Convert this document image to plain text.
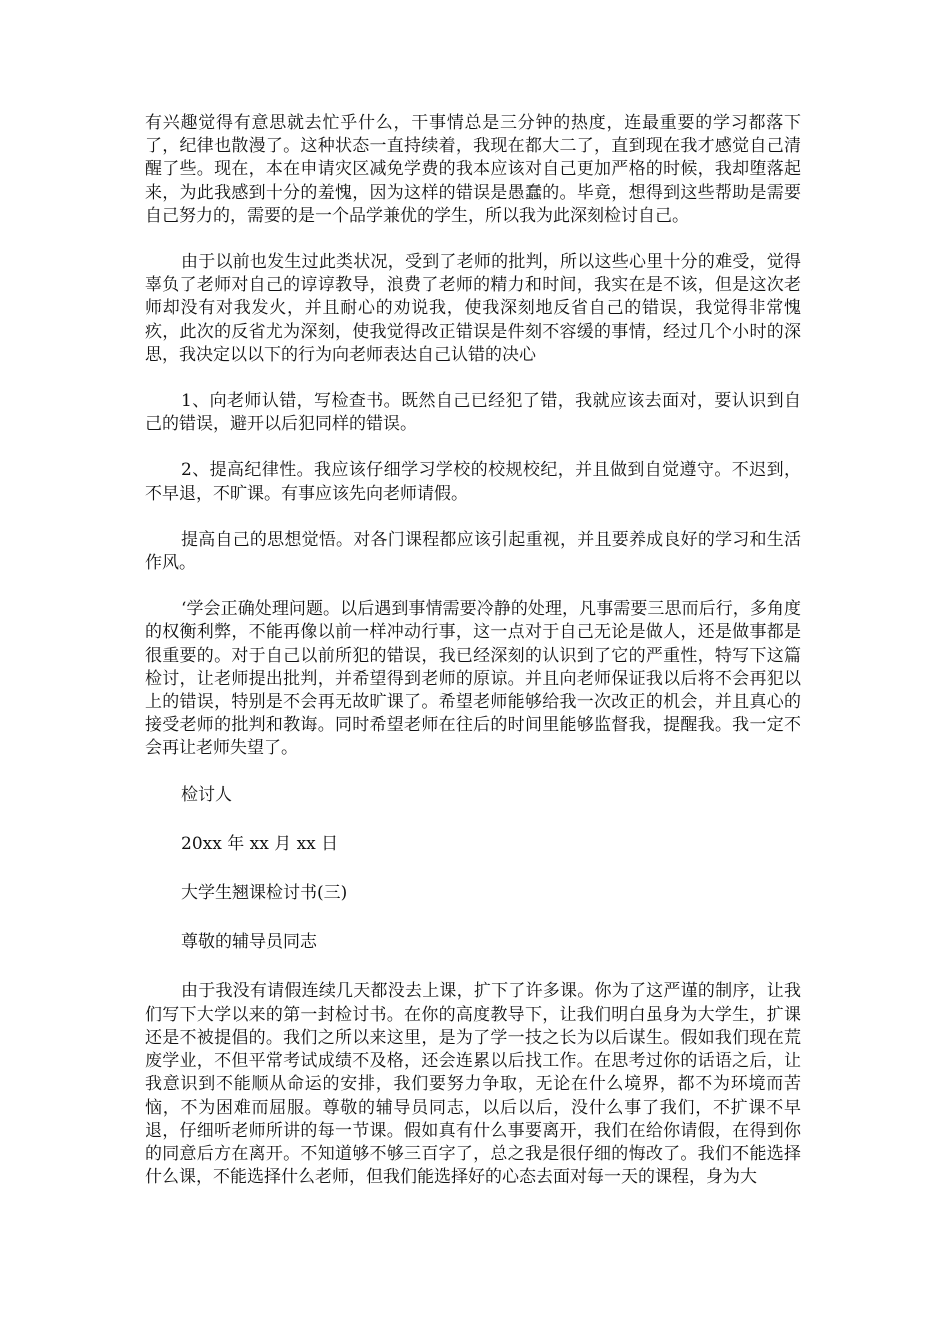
有兴趣觉得有意思就去忙乎什么，干事情总是三分钟的热度，连最重要的学习都落下了，纪律也散漫了。这种状态一直持续着，我现在都大二了，直到现在我才感觉自己清醒了些。现在，本在申请灾区减免学费的我本应该对自己更加严格的时候，我却堕落起来，为此我感到十分的羞愧，因为这样的错误是愚蠢的。毕竟，想得到这些帮助是需要自己努力的，需要的是一个品学兼优的学生，所以我为此深刻检讨自己。

由于以前也发生过此类状况，受到了老师的批判，所以这些心里十分的难受，觉得辜负了老师对自己的谆谆教导，浪费了老师的精力和时间，我实在是不该，但是这次老师却没有对我发火，并且耐心的劝说我，使我深刻地反省自己的错误，我觉得非常愧疚，此次的反省尤为深刻，使我觉得改正错误是件刻不容缓的事情，经过几个小时的深思，我决定以以下的行为向老师表达自己认错的决心

1、向老师认错，写检查书。既然自己已经犯了错，我就应该去面对，要认识到自己的错误，避开以后犯同样的错误。

2、提高纪律性。我应该仔细学习学校的校规校纪，并且做到自觉遵守。不迟到，不早退，不旷课。有事应该先向老师请假。

提高自己的思想觉悟。对各门课程都应该引起重视，并且要养成良好的学习和生活作风。

‘学会正确处理问题。以后遇到事情需要冷静的处理，凡事需要三思而后行，多角度的权衡利弊，不能再像以前一样冲动行事，这一点对于自己无论是做人，还是做事都是很重要的。对于自己以前所犯的错误，我已经深刻的认识到了它的严重性，特写下这篇检讨，让老师提出批判，并希望得到老师的原谅。并且向老师保证我以后将不会再犯以上的错误，特别是不会再无故旷课了。希望老师能够给我一次改正的机会，并且真心的接受老师的批判和教诲。同时希望老师在往后的时间里能够监督我，提醒我。我一定不会再让老师失望了。

检讨人

20xx 年 xx 月 xx 日

大学生翘课检讨书(三)

尊敬的辅导员同志

由于我没有请假连续几天都没去上课，扩下了许多课。你为了这严谨的制序，让我们写下大学以来的第一封检讨书。在你的高度教导下，让我们明白虽身为大学生，扩课还是不被提倡的。我们之所以来这里，是为了学一技之长为以后谋生。假如我们现在荒废学业，不但平常考试成绩不及格，还会连累以后找工作。在思考过你的话语之后，让我意识到不能顺从命运的安排，我们要努力争取，无论在什么境界，都不为环境而苦恼，不为困难而屈服。尊敬的辅导员同志，以后以后，没什么事了我们，不扩课不早退，仔细听老师所讲的每一节课。假如真有什么事要离开，我们在给你请假，在得到你的同意后方在离开。不知道够不够三百字了，总之我是很仔细的悔改了。我们不能选择什么课，不能选择什么老师，但我们能选择好的心态去面对每一天的课程，身为大
